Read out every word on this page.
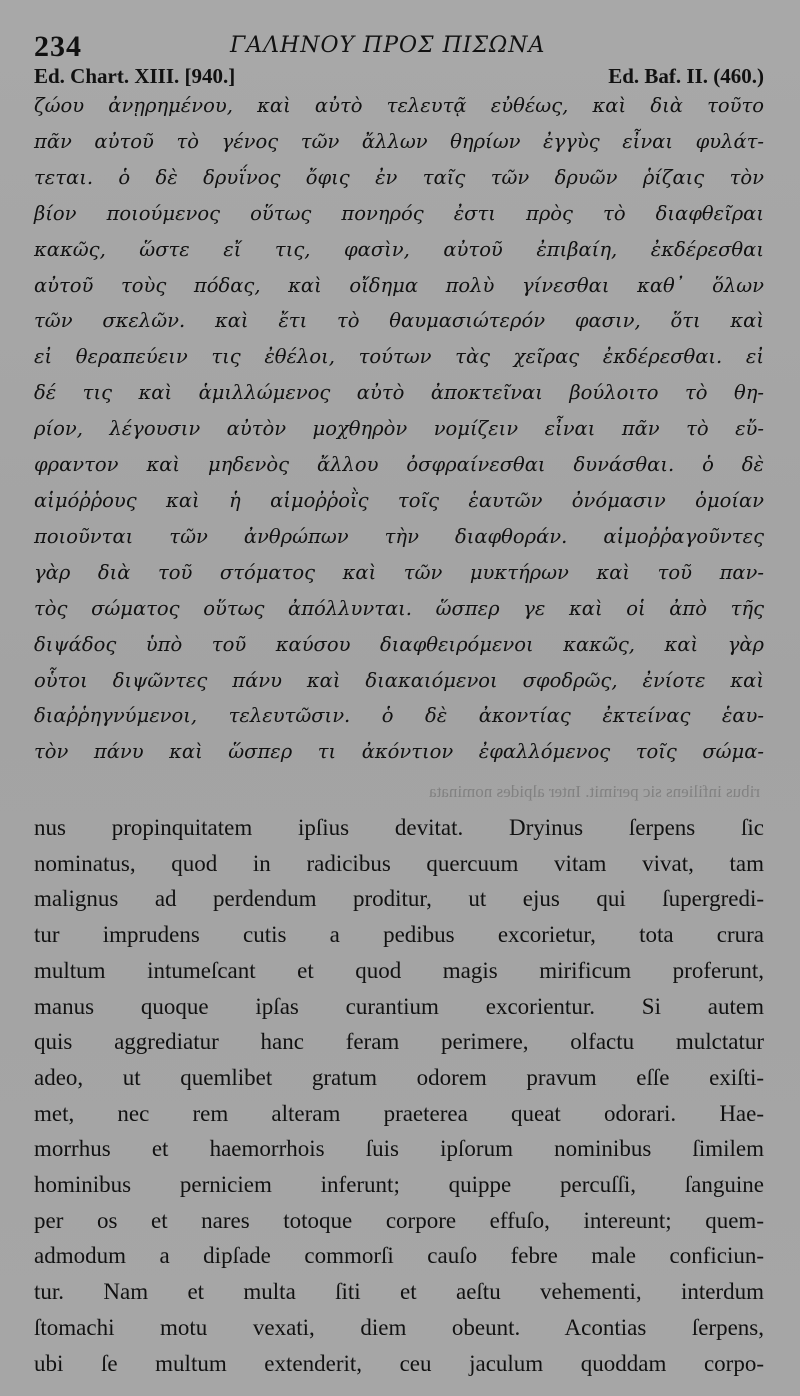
234	ΓΑΛΗΝΟΥ ΠΡΟΣ ΠΙΣΩΝΑ
Ed. Chart. XIII. [940.]	Ed. Baf. II. (460.)
ζώου ἀνῃρημένου, καὶ αὐτὸ τελευτᾷ εὐθέως, καὶ διὰ τοῦτο
πᾶν αὐτοῦ τὸ γένος τῶν ἄλλων θηρίων ἐγγὺς εἶναι φυλάτ-
τεται. ὁ δὲ δρυΐνος ὄφις ἐν ταῖς τῶν δρυῶν ῥίζαις τὸν
βίον ποιούμενος οὕτως πονηρός ἐστι πρὸς τὸ διαφθεῖραι
κακῶς, ὥστε εἴ τις, φασὶν, αὐτοῦ ἐπιβαίη, ἐκδέρεσθαι
αὐτοῦ τοὺς πόδας, καὶ οἴδημα πολὺ γίνεσθαι καθ᾿ ὅλων
τῶν σκελῶν. καὶ ἔτι τὸ θαυμασιώτερόν φασιν, ὅτι καὶ
εἰ θεραπεύειν τις ἐθέλοι, τούτων τὰς χεῖρας ἐκδέρεσθαι. εἰ
δέ τις καὶ ἁμιλλώμενος αὐτὸ ἀποκτεῖναι βούλοιτο τὸ θη-
ρίον, λέγουσιν αὐτὸν μοχθηρὸν νομίζειν εἶναι πᾶν τὸ εὔ-
φραντον καὶ μηδενὸς ἄλλου ὀσφραίνεσθαι δυνάσθαι. ὁ δὲ
αἱμόῤῥους καὶ ἡ αἱμοῤῥοῒς τοῖς ἑαυτῶν ὀνόμασιν ὁμοίαν
ποιοῦνται τῶν ἀνθρώπων τὴν διαφθοράν. αἱμοῤῥαγοῦντες
γὰρ διὰ τοῦ στόματος καὶ τῶν μυκτήρων καὶ τοῦ παν-
τὸς σώματος οὕτως ἀπόλλυνται. ὥσπερ γε καὶ οἱ ἀπὸ τῆς
διψάδος ὑπὸ τοῦ καύσου διαφθειρόμενοι κακῶς, καὶ γὰρ
οὗτοι διψῶντες πάνυ καὶ διακαιόμενοι σφοδρῶς, ἐνίοτε καὶ
διαῤῥηγνύμενοι, τελευτῶσιν. ὁ δὲ ἀκοντίας ἐκτείνας ἑαυ-
τὸν πάνυ καὶ ὥσπερ τι ἀκόντιον ἐφαλλόμενος τοῖς σώμα-
ribus infiliens sic perimit. Inter alpides nominata
nus propinquitatem ipſius devitat. Dryinus ſerpens ſic
nominatus, quod in radicibus quercuum vitam vivat, tam
malignus ad perdendum proditur, ut ejus qui ſupergredi-
tur imprudens cutis a pedibus excorietur, tota crura
multum intumeſcant et quod magis mirificum proferunt,
manus quoque ipſas curantium excorientur. Si autem
quis aggrediatur hanc feram perimere, olfactu mulctatur
adeo, ut quemlibet gratum odorem pravum eſſe exiſti-
met, nec rem alteram praeterea queat odorari. Hae-
morrhus et haemorrhois ſuis ipſorum nominibus ſimilem
hominibus perniciem inferunt; quippe percuſſi, ſanguine
per os et nares totoque corpore effuſo, intereunt; quem-
admodum a dipſade commorſi cauſo febre male conficiun-
tur. Nam et multa ſiti et aeſtu vehementi, interdum
ſtomachi motu vexati, diem obeunt. Acontias ſerpens,
ubi ſe multum extenderit, ceu jaculum quoddam corpo-
